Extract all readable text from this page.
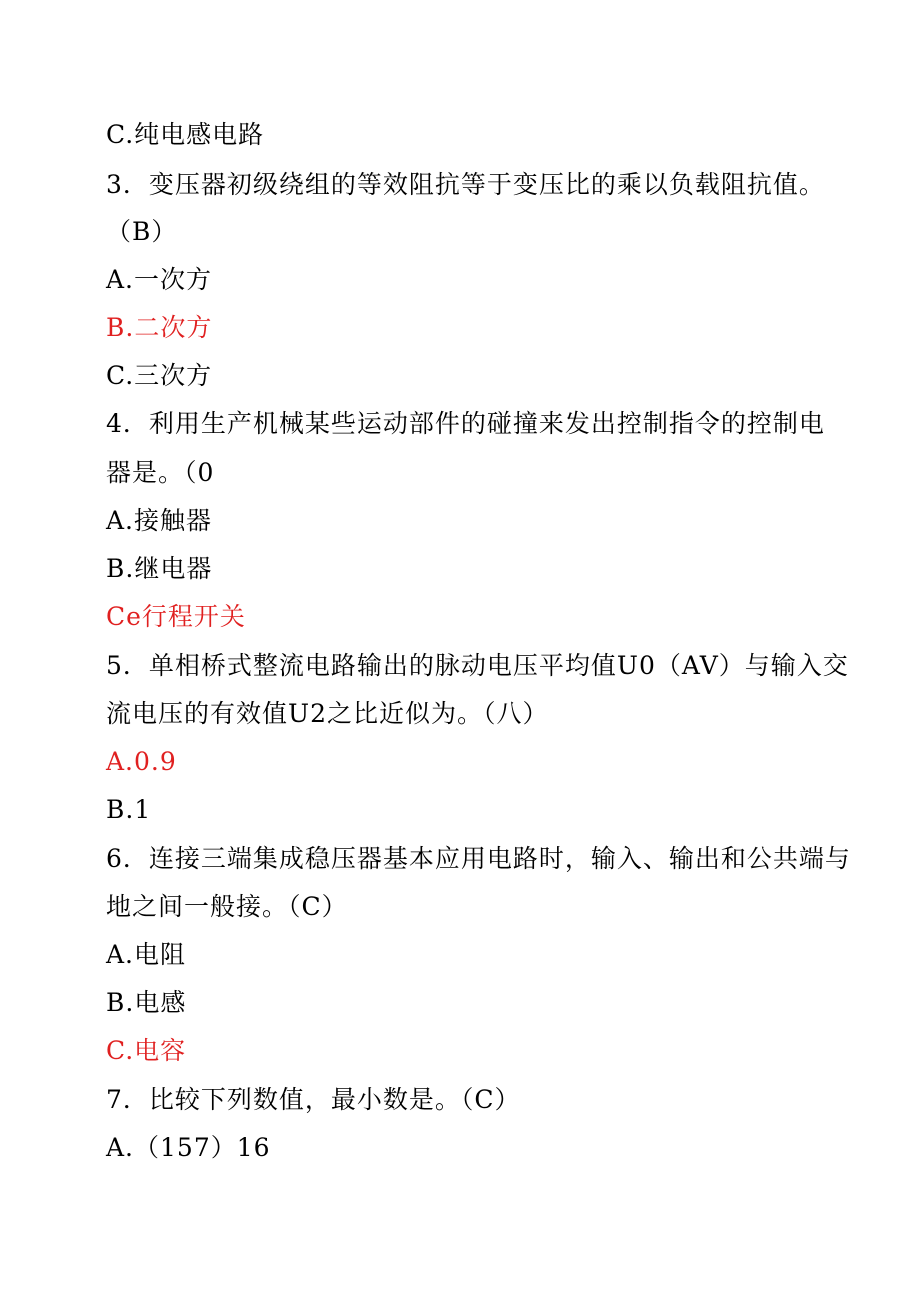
C.纯电感电路
3．变压器初级绕组的等效阻抗等于变压比的乘以负载阻抗值。
（B）
A.一次方
B.二次方
C.三次方
4．利用生产机械某些运动部件的碰撞来发出控制指令的控制电
器是。（0
A.接触器
B.继电器
Ce行程开关
5．单相桥式整流电路输出的脉动电压平均值U0（AV）与输入交
流电压的有效值U2之比近似为。（八）
A.0.9
B.1
6．连接三端集成稳压器基本应用电路时，输入、输出和公共端与
地之间一般接。（C）
A.电阻
B.电感
C.电容
7．比较下列数值，最小数是。（C）
A.（157）16
